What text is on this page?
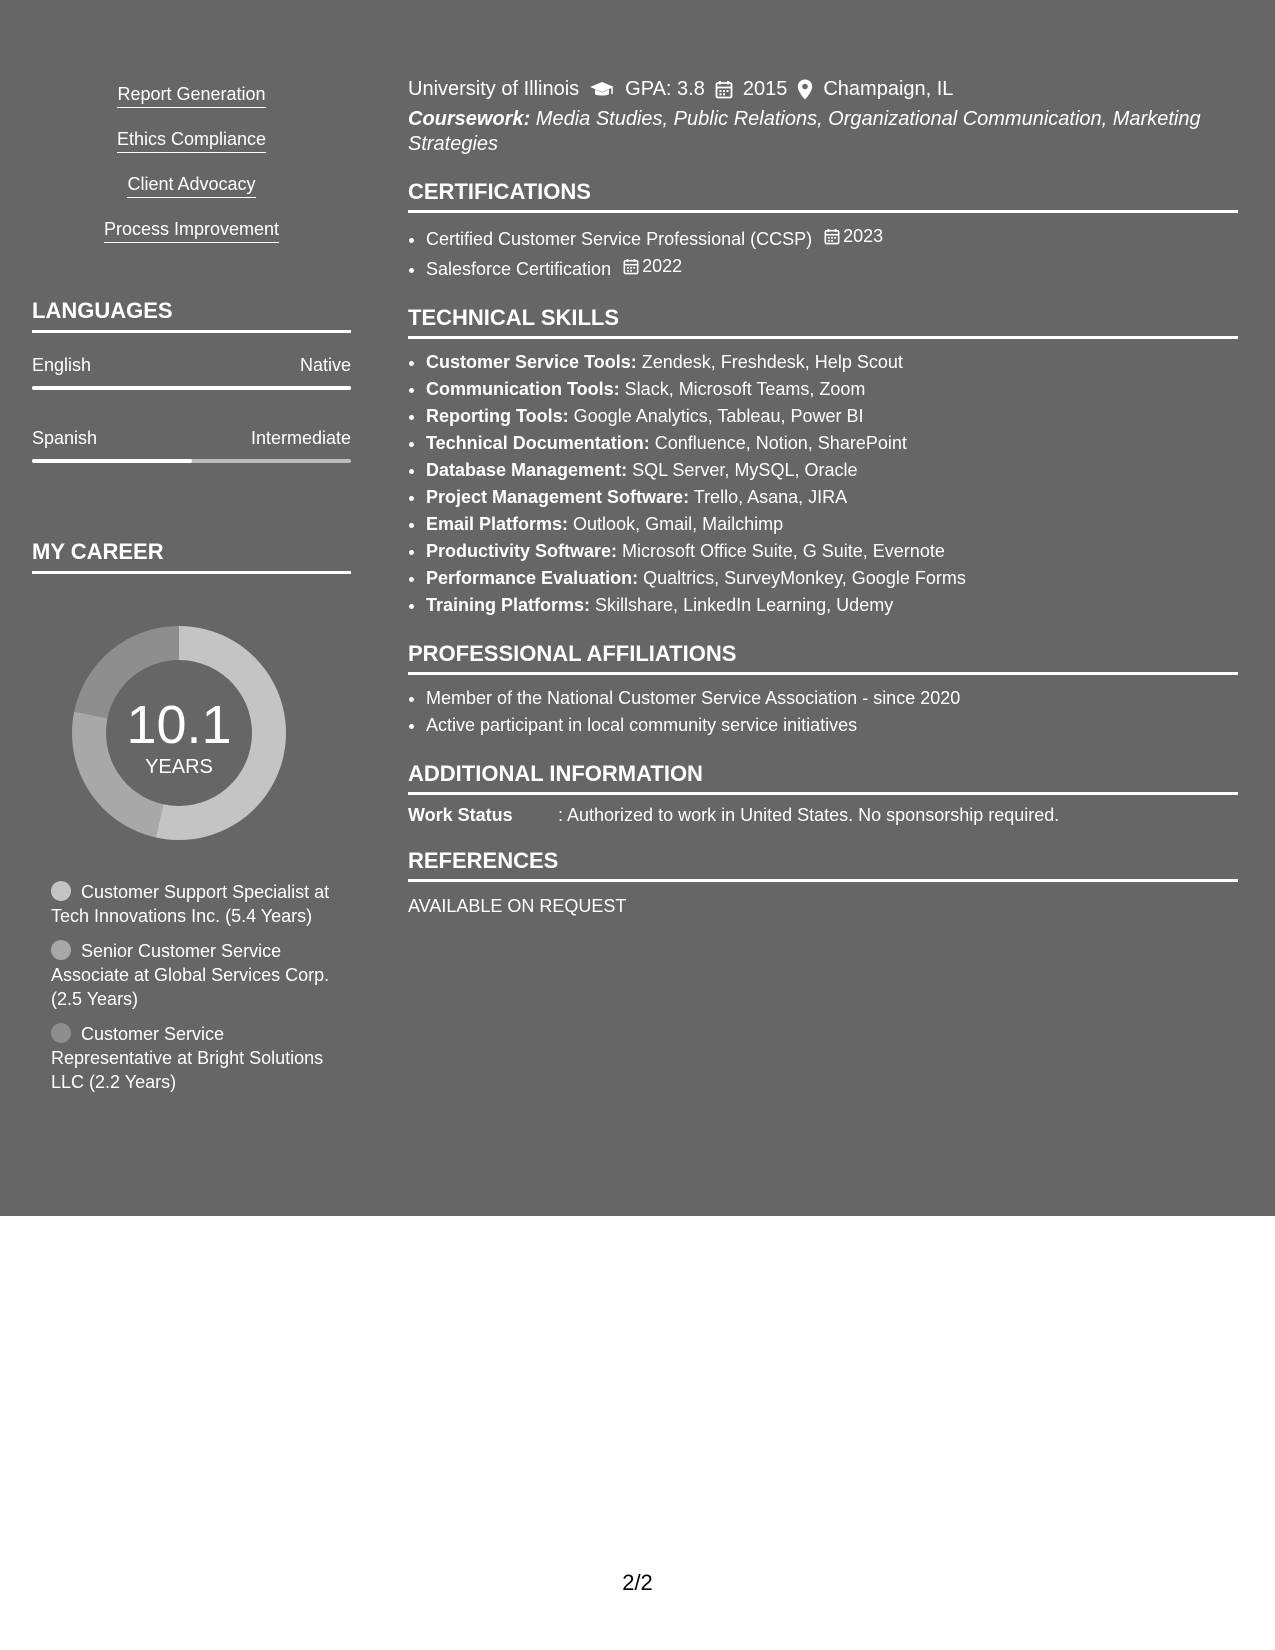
Report Generation
Ethics Compliance
Client Advocacy
Process Improvement
LANGUAGES
English	Native
Spanish	Intermediate
MY CAREER
10.1
YEARS
Customer Support Specialist at Tech Innovations Inc. (5.4 Years)
Senior Customer Service Associate at Global Services Corp. (2.5 Years)
Customer Service Representative at Bright Solutions LLC (2.2 Years)
University of Illinois GPA: 3.8 2015 Champaign, IL
Coursework: Media Studies, Public Relations, Organizational Communication, Marketing Strategies
CERTIFICATIONS
• Certified Customer Service Professional (CCSP) 2023
• Salesforce Certification 2022
TECHNICAL SKILLS
• Customer Service Tools: Zendesk, Freshdesk, Help Scout
• Communication Tools: Slack, Microsoft Teams, Zoom
• Reporting Tools: Google Analytics, Tableau, Power BI
• Technical Documentation: Confluence, Notion, SharePoint
• Database Management: SQL Server, MySQL, Oracle
• Project Management Software: Trello, Asana, JIRA
• Email Platforms: Outlook, Gmail, Mailchimp
• Productivity Software: Microsoft Office Suite, G Suite, Evernote
• Performance Evaluation: Qualtrics, SurveyMonkey, Google Forms
• Training Platforms: Skillshare, LinkedIn Learning, Udemy
PROFESSIONAL AFFILIATIONS
• Member of the National Customer Service Association - since 2020
• Active participant in local community service initiatives
ADDITIONAL INFORMATION
Work Status	: Authorized to work in United States. No sponsorship required.
REFERENCES
AVAILABLE ON REQUEST
2/2
